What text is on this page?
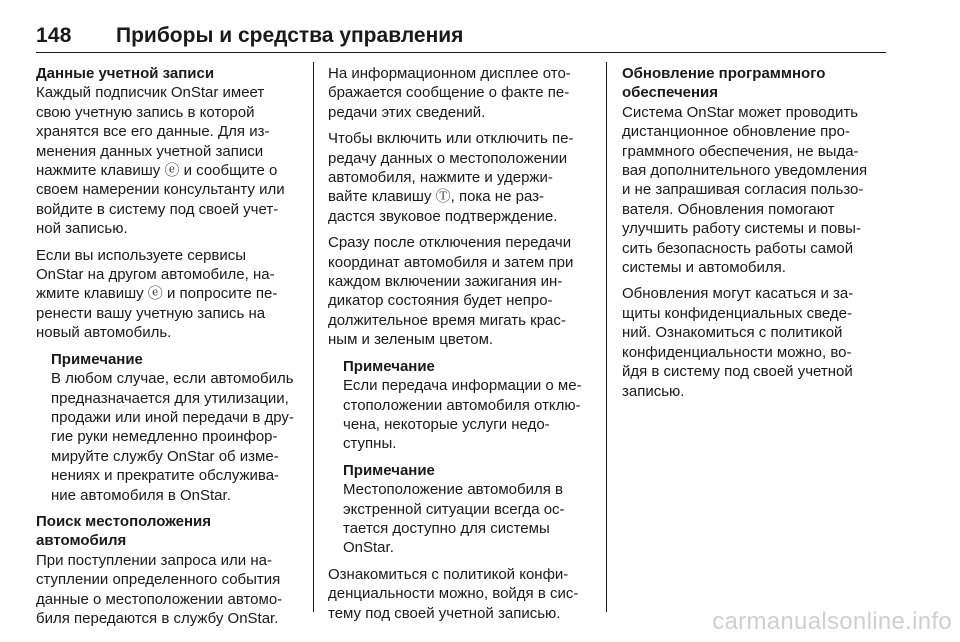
148 Приборы и средства управления
Данные учетной записи
Каждый подписчик OnStar имеет
свою учетную запись в которой
хранятся все его данные. Для из-
менения данных учетной записи
нажмите клавишу ⓔ и сообщите о
своем намерении консультанту или
войдите в систему под своей учет-
ной записью.
Если вы используете сервисы
OnStar на другом автомобиле, на-
жмите клавишу ⓔ и попросите пе-
ренести вашу учетную запись на
новый автомобиль.
Примечание
В любом случае, если автомобиль
предназначается для утилизации,
продажи или иной передачи в дру-
гие руки немедленно проинфор-
мируйте службу OnStar об изме-
нениях и прекратите обслужива-
ние автомобиля в OnStar.
Поиск местоположения
автомобиля
При поступлении запроса или на-
ступлении определенного события
данные о местоположении автомо-
биля передаются в службу OnStar.
На информационном дисплее ото-
бражается сообщение о факте пе-
редачи этих сведений.
Чтобы включить или отключить пе-
редачу данных о местоположении
автомобиля, нажмите и удержи-
вайте клавишу Ⓣ, пока не раз-
дастся звуковое подтверждение.
Сразу после отключения передачи
координат автомобиля и затем при
каждом включении зажигания ин-
дикатор состояния будет непро-
должительное время мигать крас-
ным и зеленым цветом.
Примечание
Если передача информации о ме-
стоположении автомобиля отклю-
чена, некоторые услуги недо-
ступны.
Примечание
Местоположение автомобиля в
экстренной ситуации всегда ос-
тается доступно для системы
OnStar.
Ознакомиться с политикой конфи-
денциальности можно, войдя в сис-
тему под своей учетной записью.
Обновление программного
обеспечения
Система OnStar может проводить
дистанционное обновление про-
граммного обеспечения, не выда-
вая дополнительного уведомления
и не запрашивая согласия пользо-
вателя. Обновления помогают
улучшить работу системы и повы-
сить безопасность работы самой
системы и автомобиля.
Обновления могут касаться и за-
щиты конфиденциальных сведе-
ний. Ознакомиться с политикой
конфиденциальности можно, во-
йдя в систему под своей учетной
записью.
carmanualsonline.info
